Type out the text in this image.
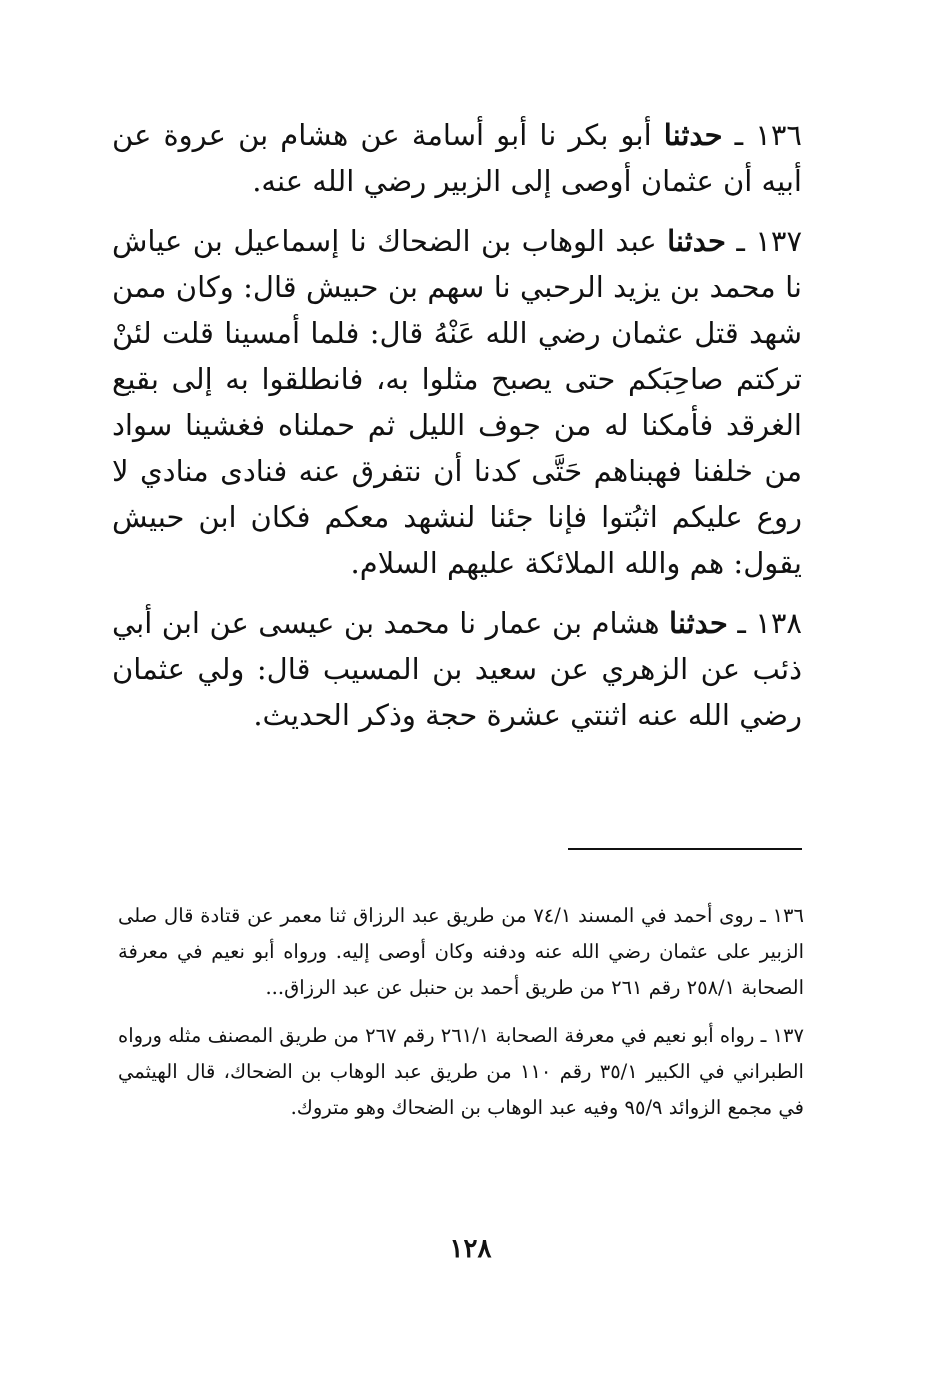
١٣٦ ـ حدثنا أبو بكر نا أبو أسامة عن هشام بن عروة عن أبيه أن عثمان أوصى إلى الزبير رضي الله عنه.

١٣٧ ـ حدثنا عبد الوهاب بن الضحاك نا إسماعيل بن عياش نا محمد بن يزيد الرحبي نا سهم بن حبيش قال: وكان ممن شهد قتل عثمان رضي الله عَنْهُ قال: فلما أمسينا قلت لئنْ تركتم صاحِبَكم حتى يصبح مثلوا به، فانطلقوا به إلى بقيع الغرقد فأمكنا له من جوف الليل ثم حملناه فغشينا سواد من خلفنا فهبناهم حَتَّى كدنا أن نتفرق عنه فنادى منادي لا روع عليكم اثبُتوا فإنا جئنا لنشهد معكم فكان ابن حبيش يقول: هم والله الملائكة عليهم السلام.

١٣٨ ـ حدثنا هشام بن عمار نا محمد بن عيسى عن ابن أبي ذئب عن الزهري عن سعيد بن المسيب قال: ولي عثمان رضي الله عنه اثنتي عشرة حجة وذكر الحديث.

١٣٦ ـ روى أحمد في المسند ٧٤/١ من طريق عبد الرزاق ثنا معمر عن قتادة قال صلى الزبير على عثمان رضي الله عنه ودفنه وكان أوصى إليه. ورواه أبو نعيم في معرفة الصحابة ٢٥٨/١ رقم ٢٦١ من طريق أحمد بن حنبل عن عبد الرزاق...

١٣٧ ـ رواه أبو نعيم في معرفة الصحابة ٢٦١/١ رقم ٢٦٧ من طريق المصنف مثله ورواه الطبراني في الكبير ٣٥/١ رقم ١١٠ من طريق عبد الوهاب بن الضحاك، قال الهيثمي في مجمع الزوائد ٩٥/٩ وفيه عبد الوهاب بن الضحاك وهو متروك.

١٢٨
